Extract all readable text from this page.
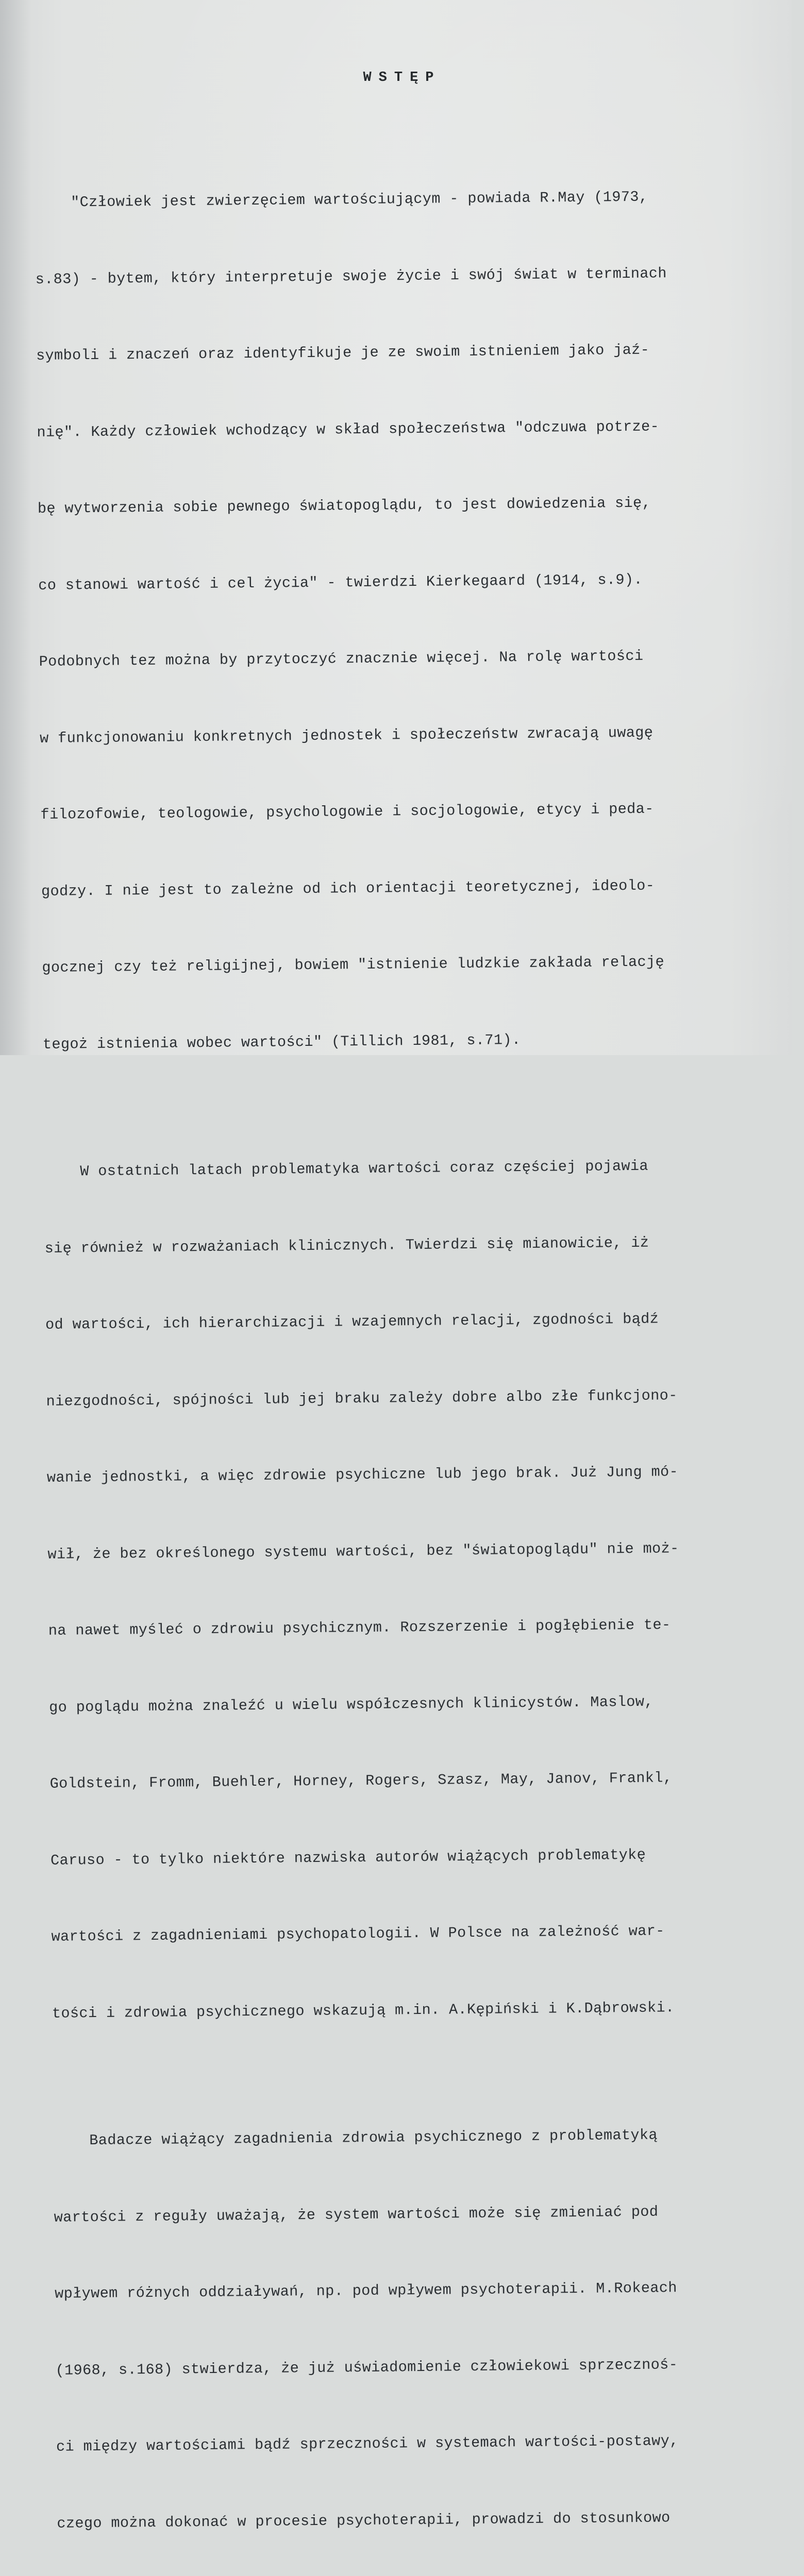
WSTĘP

"Człowiek jest zwierzęciem wartościującym - powiada R.May (1973,

s.83) - bytem, który interpretuje swoje życie i swój świat w terminach

symboli i znaczeń oraz identyfikuje je ze swoim istnieniem jako jaź-

nię". Każdy człowiek wchodzący w skład społeczeństwa "odczuwa potrze-

bę wytworzenia sobie pewnego światopoglądu, to jest dowiedzenia się,

co stanowi wartość i cel życia" - twierdzi Kierkegaard (1914, s.9).

Podobnych tez można by przytoczyć znacznie więcej. Na rolę wartości

w funkcjonowaniu konkretnych jednostek i społeczeństw zwracają uwagę

filozofowie, teologowie, psychologowie i socjologowie, etycy i peda-

godzy. I nie jest to zależne od ich orientacji teoretycznej, ideolo-

gocznej czy też religijnej, bowiem "istnienie ludzkie zakłada relację

tegoż istnienia wobec wartości" (Tillich 1981, s.71).

W ostatnich latach problematyka wartości coraz częściej pojawia

się również w rozważaniach klinicznych. Twierdzi się mianowicie, iż

od wartości, ich hierarchizacji i wzajemnych relacji, zgodności bądź

niezgodności, spójności lub jej braku zależy dobre albo złe funkcjono-

wanie jednostki, a więc zdrowie psychiczne lub jego brak. Już Jung mó-

wił, że bez określonego systemu wartości, bez "światopoglądu" nie moż-

na nawet myśleć o zdrowiu psychicznym. Rozszerzenie i pogłębienie te-

go poglądu można znaleźć u wielu współczesnych klinicystów. Maslow,

Goldstein, Fromm, Buehler, Horney, Rogers, Szasz, May, Janov, Frankl,

Caruso - to tylko niektóre nazwiska autorów wiążących problematykę

wartości z zagadnieniami psychopatologii. W Polsce na zależność war-

tości i zdrowia psychicznego wskazują m.in. A.Kępiński i K.Dąbrowski.

Badacze wiążący zagadnienia zdrowia psychicznego z problematyką

wartości z reguły uważają, że system wartości może się zmieniać pod

wpływem różnych oddziaływań, np. pod wpływem psychoterapii. M.Rokeach

(1968, s.168) stwierdza, że już uświadomienie człowiekowi sprzecznoś-

ci między wartościami bądź sprzeczności w systemach wartości-postawy,

czego można dokonać w procesie psychoterapii, prowadzi do stosunkowo
